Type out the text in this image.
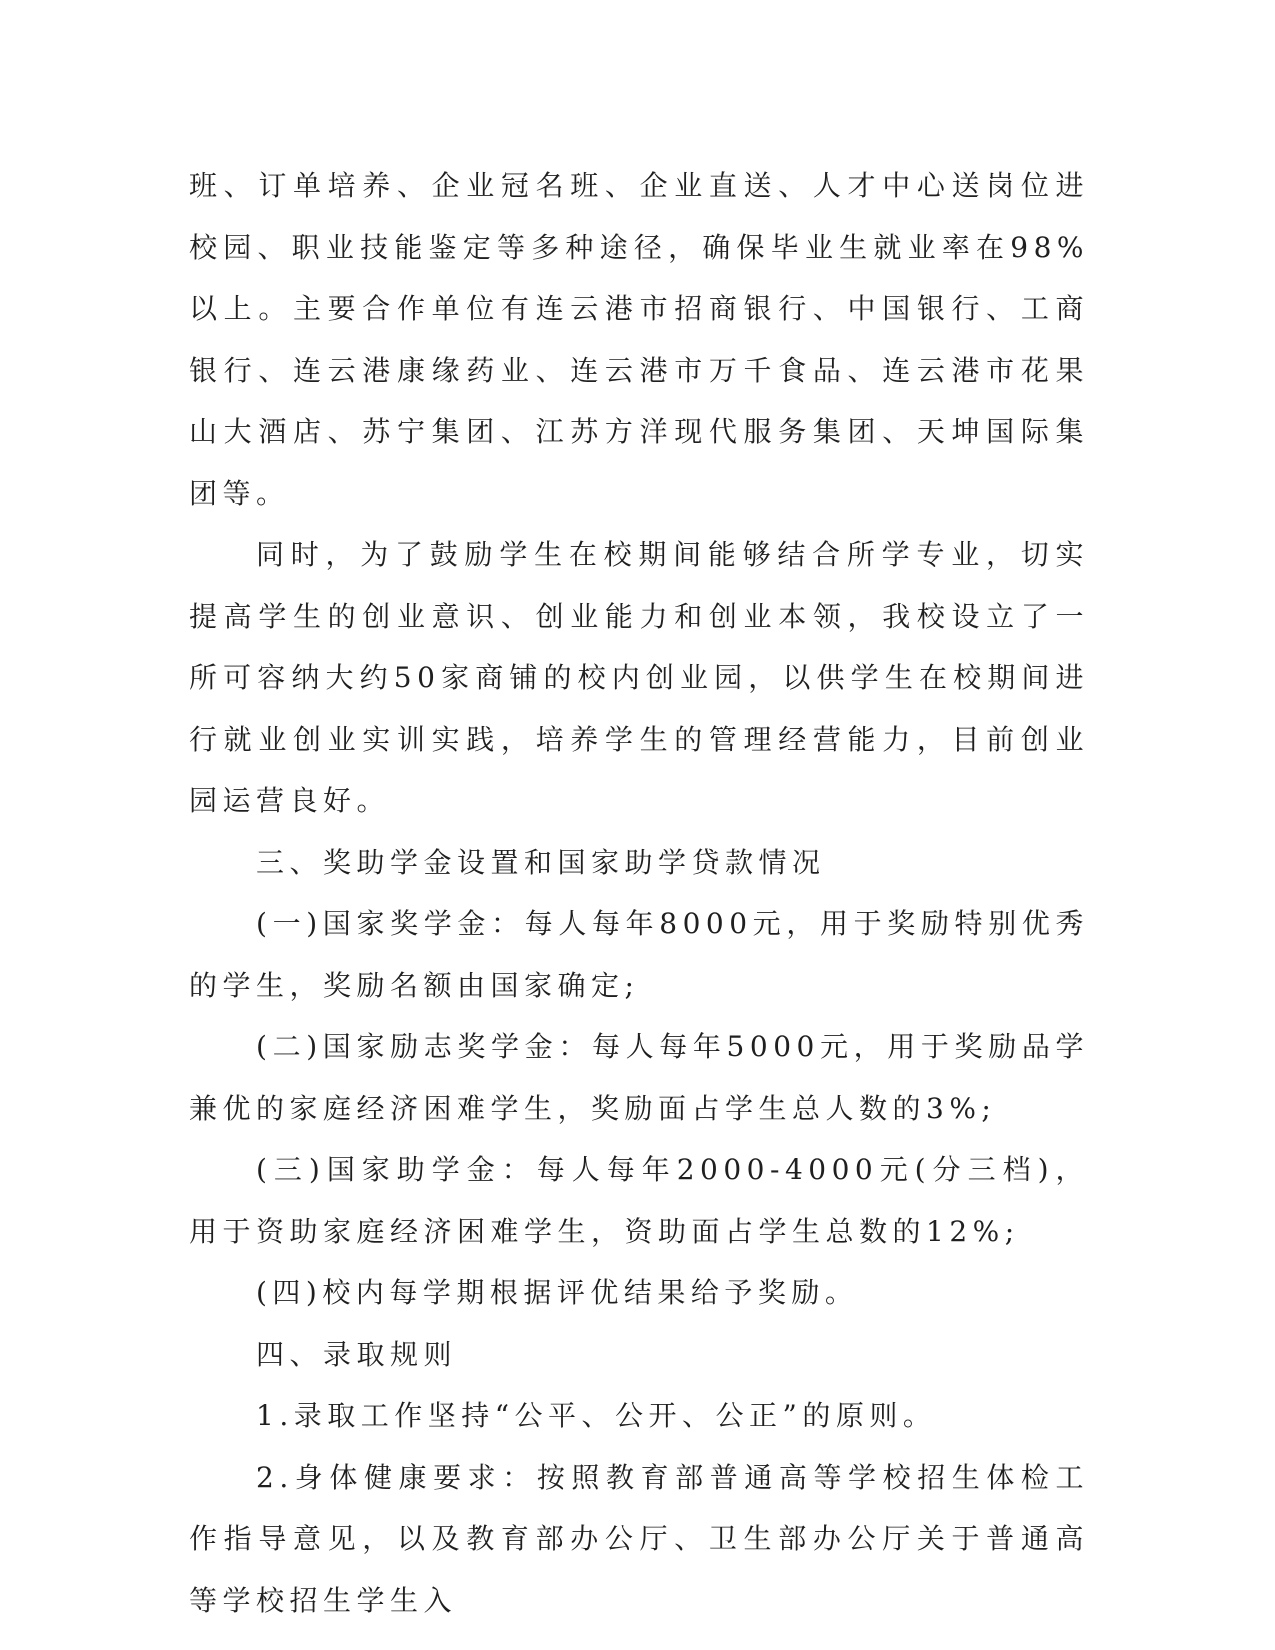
班、订单培养、企业冠名班、企业直送、人才中心送岗位进校园、职业技能鉴定等多种途径，确保毕业生就业率在98%以上。主要合作单位有连云港市招商银行、中国银行、工商银行、连云港康缘药业、连云港市万千食品、连云港市花果山大酒店、苏宁集团、江苏方洋现代服务集团、天坤国际集团等。

同时，为了鼓励学生在校期间能够结合所学专业，切实提高学生的创业意识、创业能力和创业本领，我校设立了一所可容纳大约50家商铺的校内创业园，以供学生在校期间进行就业创业实训实践，培养学生的管理经营能力，目前创业园运营良好。

三、奖助学金设置和国家助学贷款情况

(一)国家奖学金：每人每年8000元，用于奖励特别优秀的学生，奖励名额由国家确定;

(二)国家励志奖学金：每人每年5000元，用于奖励品学兼优的家庭经济困难学生，奖励面占学生总人数的3%;

(三)国家助学金：每人每年2000-4000元(分三档)，用于资助家庭经济困难学生，资助面占学生总数的12%;

(四)校内每学期根据评优结果给予奖励。

四、录取规则

1.录取工作坚持“公平、公开、公正”的原则。

2.身体健康要求：按照教育部普通高等学校招生体检工作指导意见，以及教育部办公厅、卫生部办公厅关于普通高等学校招生学生入
